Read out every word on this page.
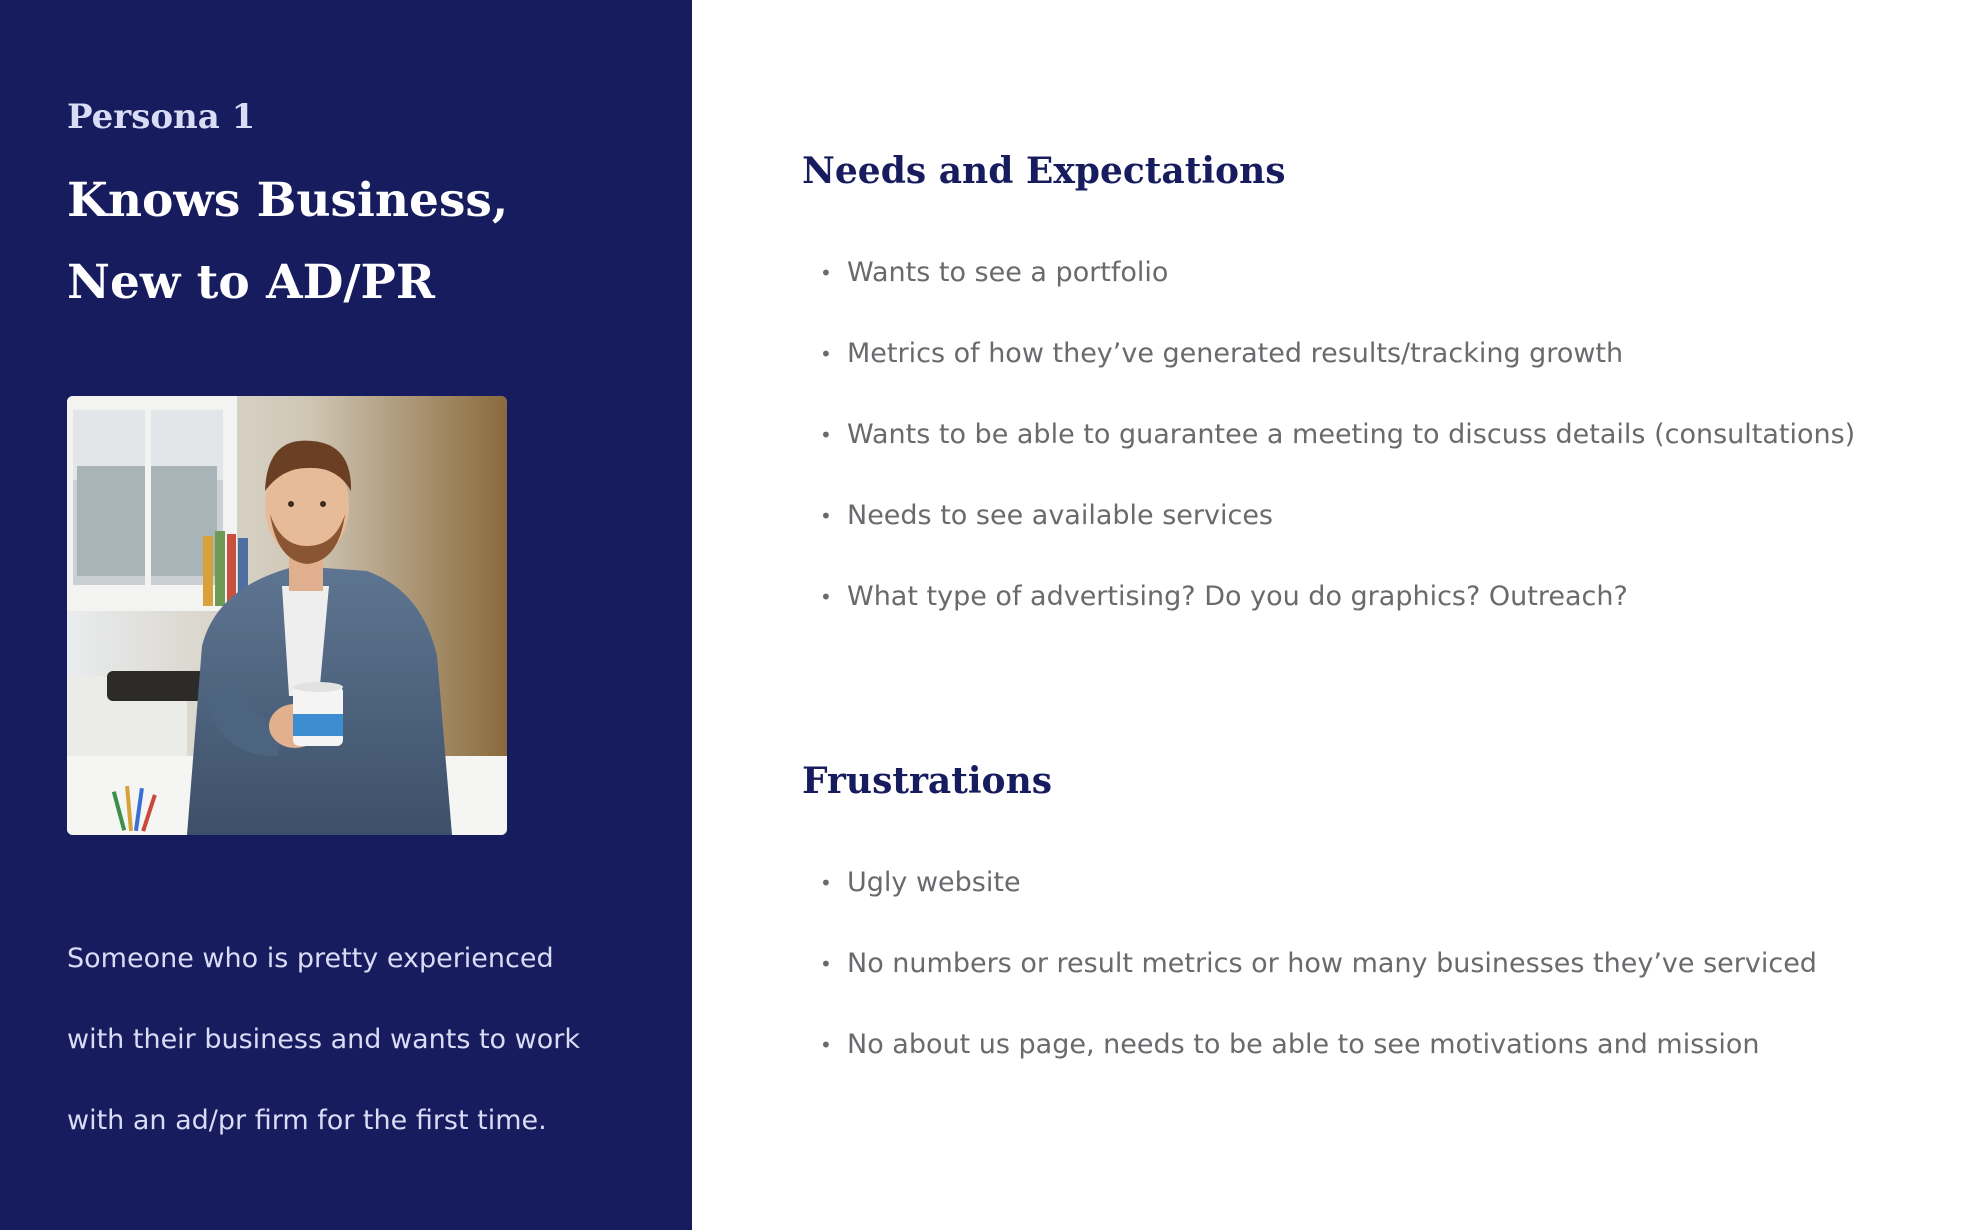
Persona 1

Knows Business,
New to AD/PR

Someone who is pretty experienced
with their business and wants to work
with an ad/pr firm for the first time.

Needs and Expectations
• Wants to see a portfolio
• Metrics of how they’ve generated results/tracking growth
• Wants to be able to guarantee a meeting to discuss details (consultations)
• Needs to see available services
• What type of advertising? Do you do graphics? Outreach?
Frustrations
• Ugly website
• No numbers or result metrics or how many businesses they’ve serviced
• No about us page, needs to be able to see motivations and mission
